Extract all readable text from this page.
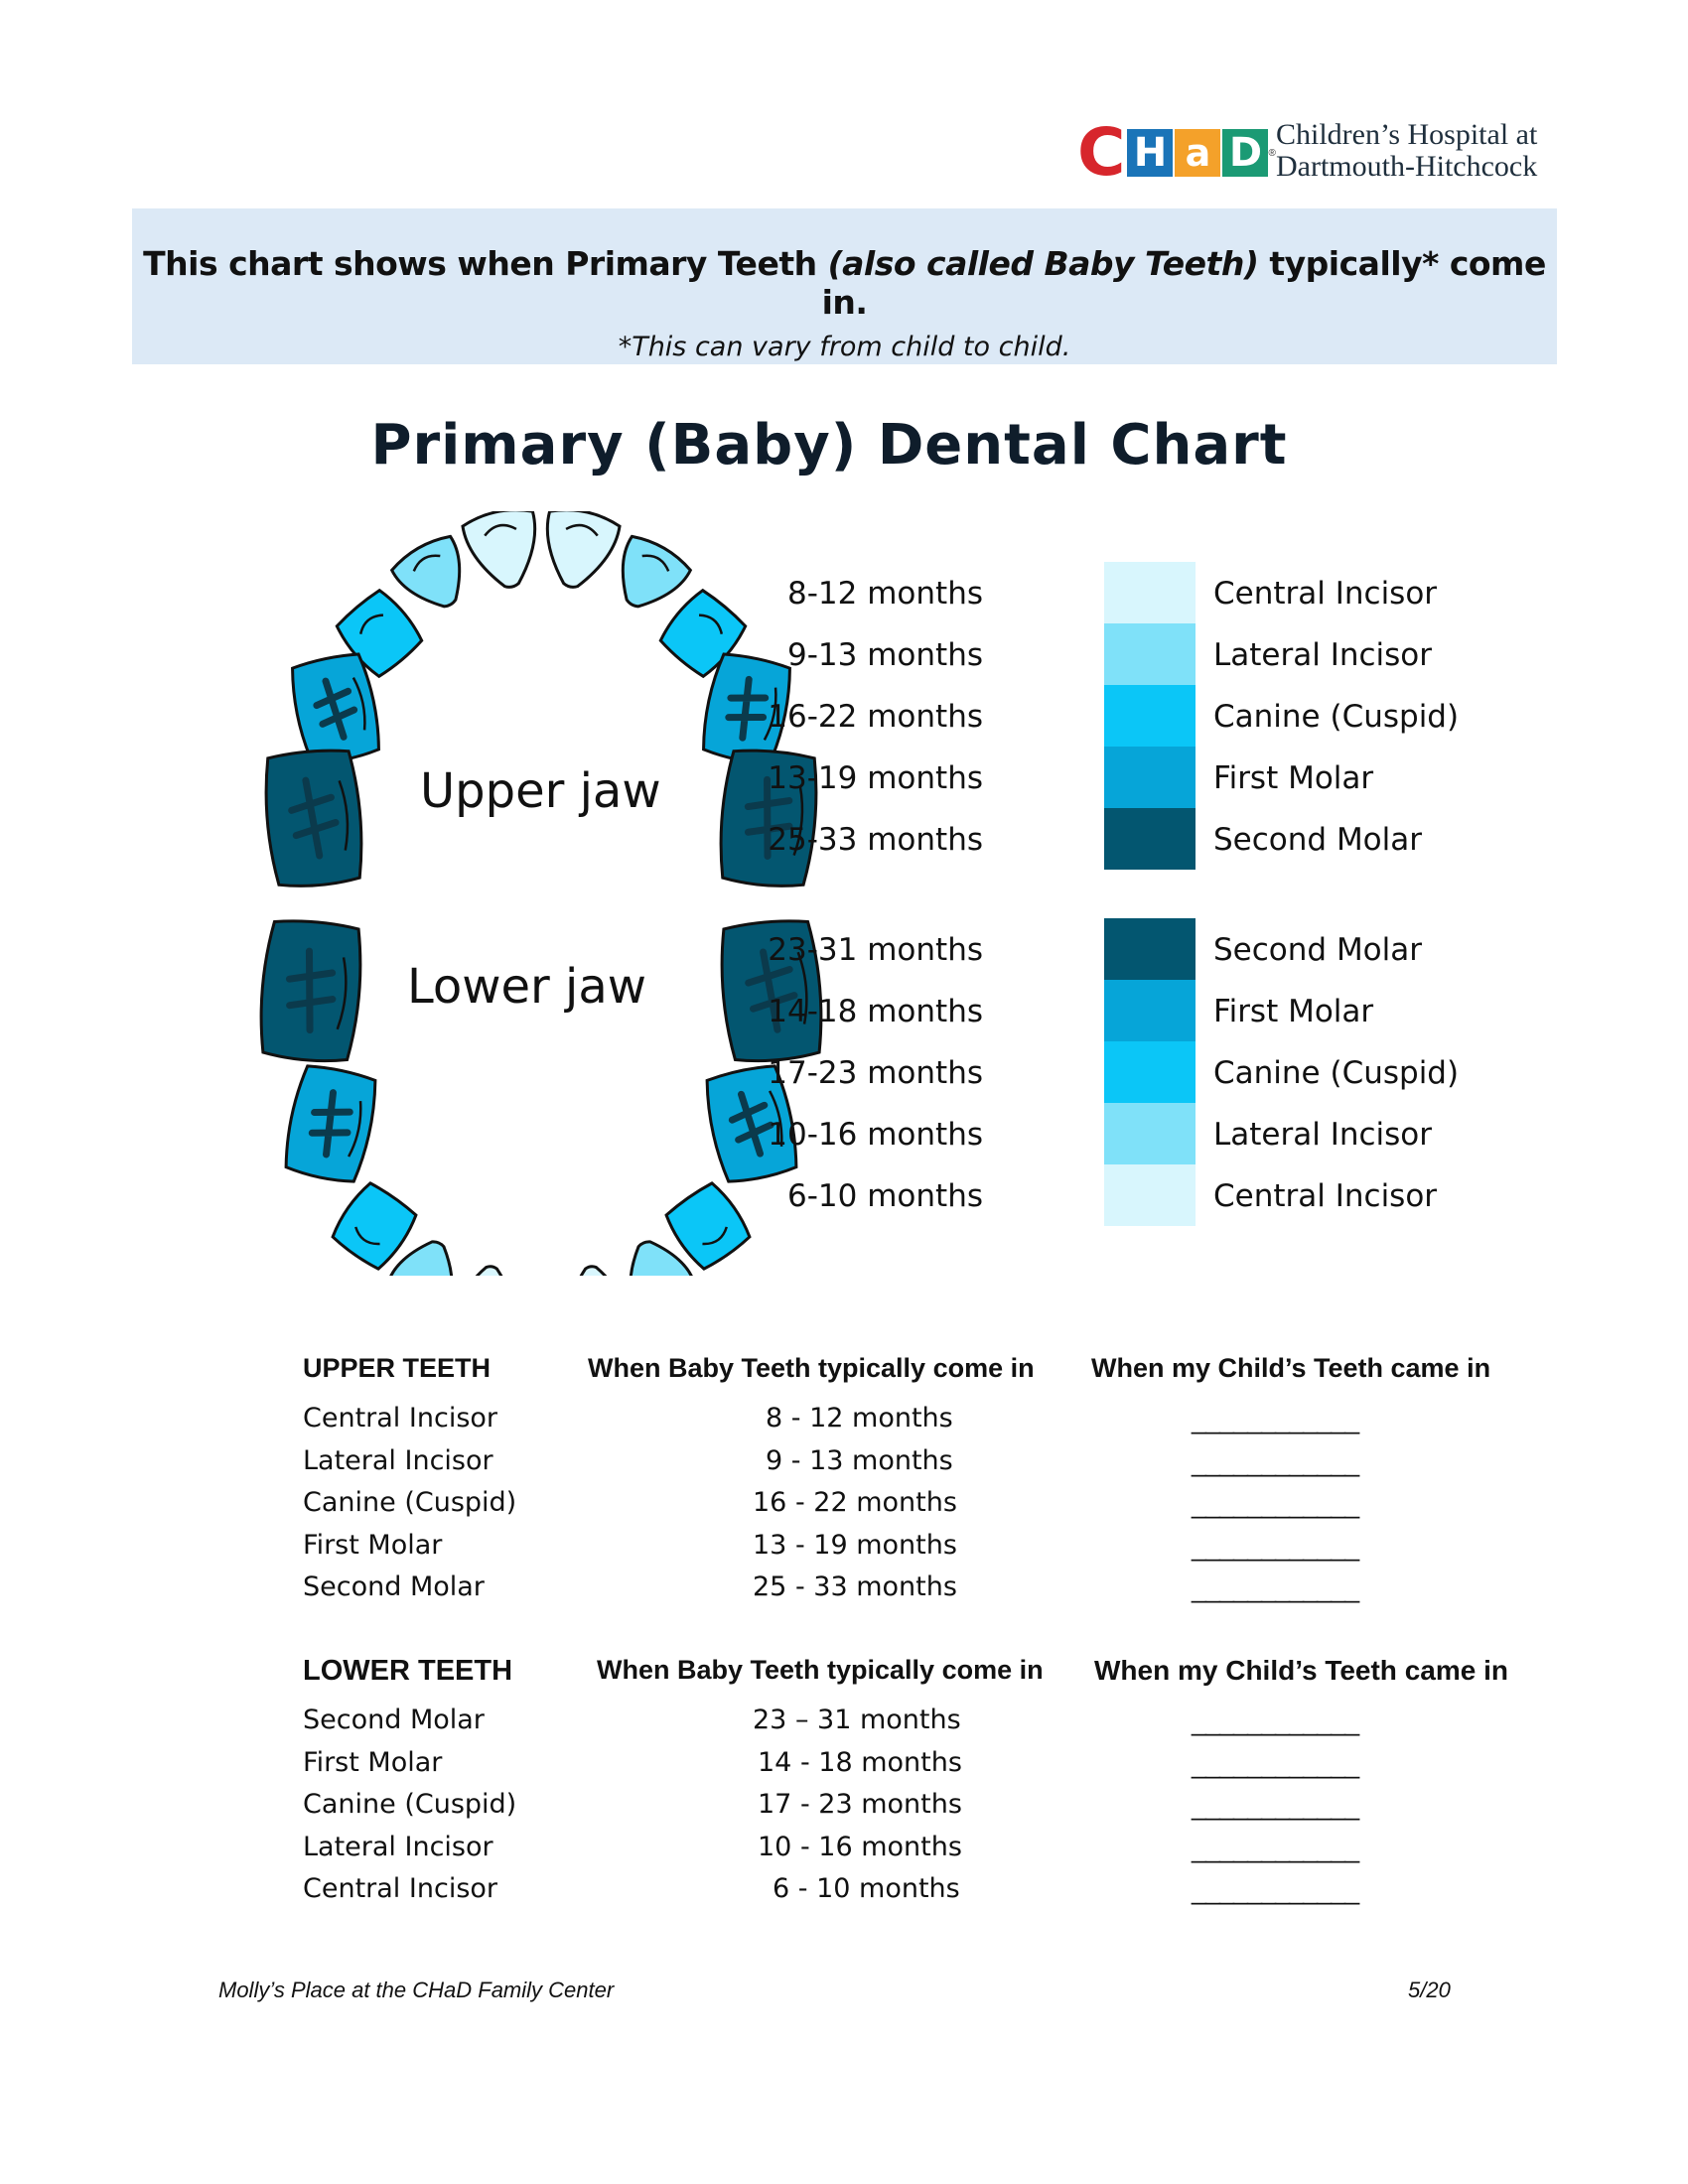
C H a D ®
Children’s Hospital at
Dartmouth-Hitchcock
This chart shows when Primary Teeth (also called Baby Teeth) typically* come in.
*This can vary from child to child.
Primary (Baby) Dental Chart
Upper jaw
Lower jaw
8-12 months	Central Incisor
9-13 months	Lateral Incisor
16-22 months	Canine (Cuspid)
13-19 months	First Molar
25-33 months	Second Molar
23-31 months	Second Molar
14-18 months	First Molar
17-23 months	Canine (Cuspid)
10-16 months	Lateral Incisor
6-10 months	Central Incisor
UPPER TEETH	When Baby Teeth typically come in When my Child’s Teeth came in
Central Incisor	8 - 12 months	____________
Lateral Incisor	9 - 13 months	____________
Canine (Cuspid)	16 - 22 months	____________
First Molar	13 - 19 months	____________
Second Molar	25 - 33 months	____________
LOWER TEETH	When Baby Teeth typically come in When my Child’s Teeth came in
Second Molar	23 – 31 months	____________
First Molar	14 - 18 months	____________
Canine (Cuspid)	17 - 23 months	____________
Lateral Incisor	10 - 16 months	____________
Central Incisor	6 - 10 months	____________
Molly’s Place at the CHaD Family Center	5/20
